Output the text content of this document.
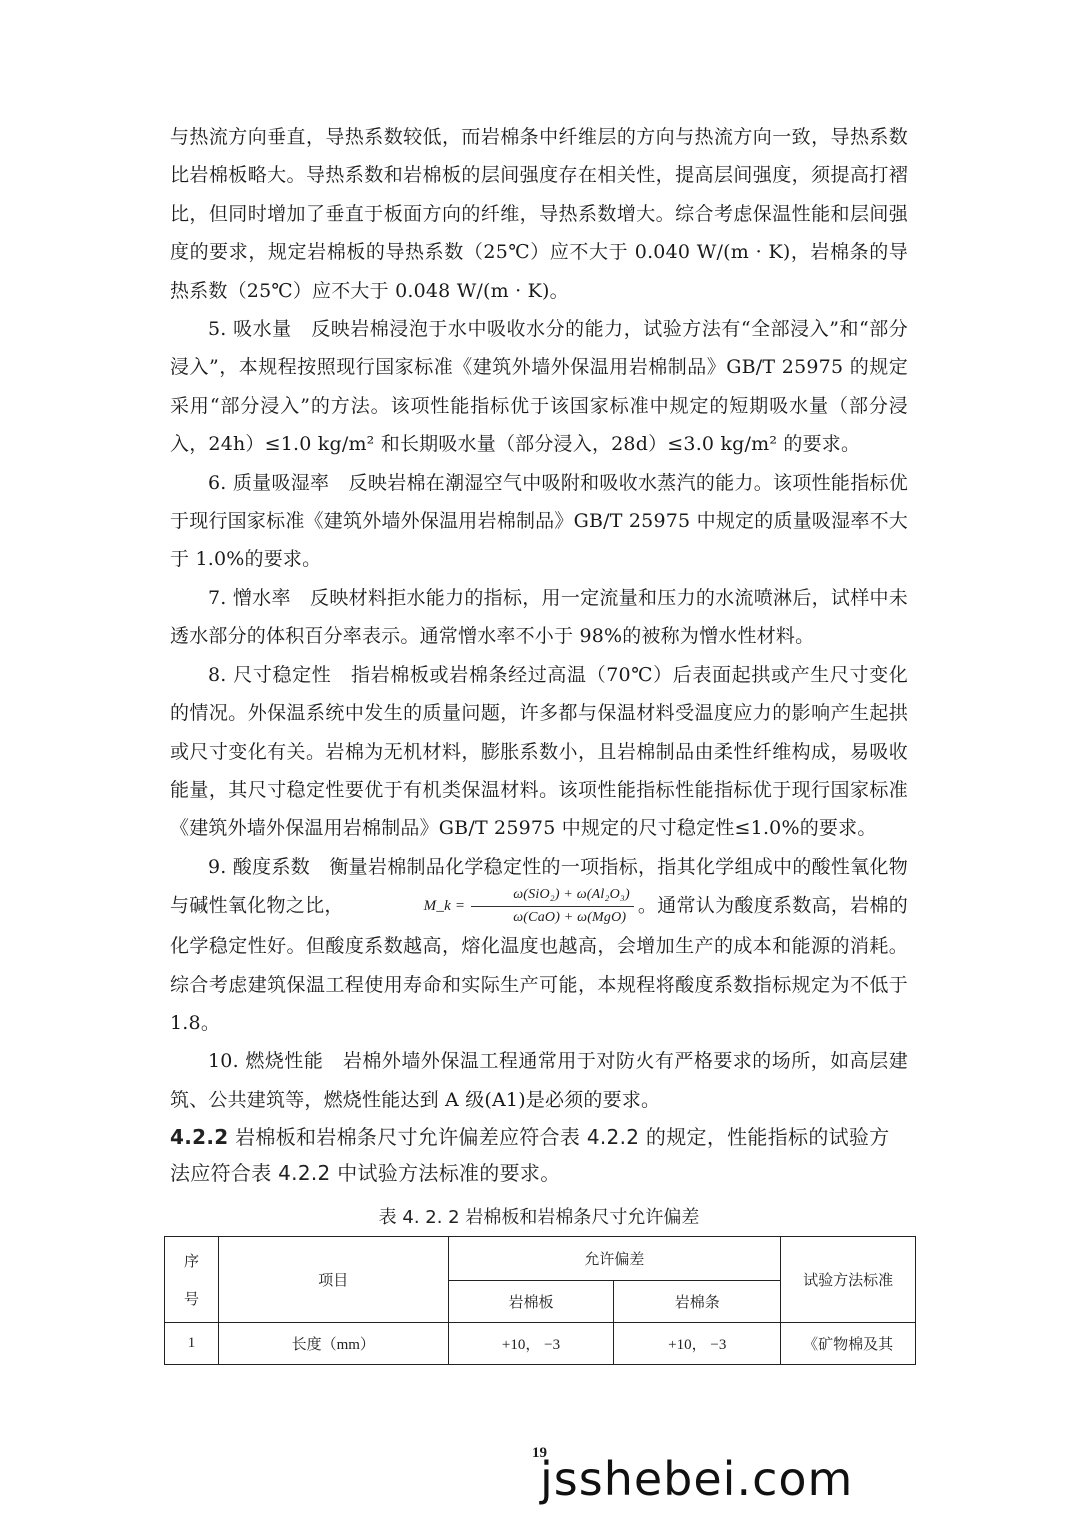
与热流方向垂直，导热系数较低，而岩棉条中纤维层的方向与热流方向一致，导热系数比岩棉板略大。导热系数和岩棉板的层间强度存在相关性，提高层间强度，须提高打褶比，但同时增加了垂直于板面方向的纤维，导热系数增大。综合考虑保温性能和层间强度的要求，规定岩棉板的导热系数（25℃）应不大于 0.040 W/(m · K)，岩棉条的导热系数（25℃）应不大于 0.048 W/(m · K)。

5. 吸水量　反映岩棉浸泡于水中吸收水分的能力，试验方法有“全部浸入”和“部分浸入”，本规程按照现行国家标准《建筑外墙外保温用岩棉制品》GB/T 25975 的规定采用“部分浸入”的方法。该项性能指标优于该国家标准中规定的短期吸水量（部分浸入，24h）≤1.0 kg/m² 和长期吸水量（部分浸入，28d）≤3.0 kg/m² 的要求。

6. 质量吸湿率　反映岩棉在潮湿空气中吸附和吸收水蒸汽的能力。该项性能指标优于现行国家标准《建筑外墙外保温用岩棉制品》GB/T 25975 中规定的质量吸湿率不大于 1.0%的要求。

7. 憎水率　反映材料拒水能力的指标，用一定流量和压力的水流喷淋后，试样中未透水部分的体积百分率表示。通常憎水率不小于 98%的被称为憎水性材料。

8. 尺寸稳定性　指岩棉板或岩棉条经过高温（70℃）后表面起拱或产生尺寸变化的情况。外保温系统中发生的质量问题，许多都与保温材料受温度应力的影响产生起拱或尺寸变化有关。岩棉为无机材料，膨胀系数小，且岩棉制品由柔性纤维构成，易吸收能量，其尺寸稳定性要优于有机类保温材料。该项性能指标性能指标优于现行国家标准《建筑外墙外保温用岩棉制品》GB/T 25975 中规定的尺寸稳定性≤1.0%的要求。

9. 酸度系数　衡量岩棉制品化学稳定性的一项指标，指其化学组成中的酸性氧化物与碱性氧化物之比，	M_k = $\frac{\text{ω(SiO₂) + ω(Al₂O₃)}}{\text{ω(CaO) + ω(MgO)}}$ 。通常认为酸度系数高，岩棉的化学稳定性好。但酸度系数越高，熔化温度也越高，会增加生产的成本和能源的消耗。综合考虑建筑保温工程使用寿命和实际生产可能，本规程将酸度系数指标规定为不低于 1.8。

10. 燃烧性能　岩棉外墙外保温工程通常用于对防火有严格要求的场所，如高层建筑、公共建筑等，燃烧性能达到 A 级(A1)是必须的要求。

4.2.2 岩棉板和岩棉条尺寸允许偏差应符合表 4.2.2 的规定，性能指标的试验方法应符合表 4.2.2 中试验方法标准的要求。

表 4. 2. 2 岩棉板和岩棉条尺寸允许偏差
序

号	项目	允许偏差		试验方法标准
		岩棉板	岩棉条	
1	长度（mm）	+10， −3	+10， −3	《矿物棉及其
19
jsshebei.com
